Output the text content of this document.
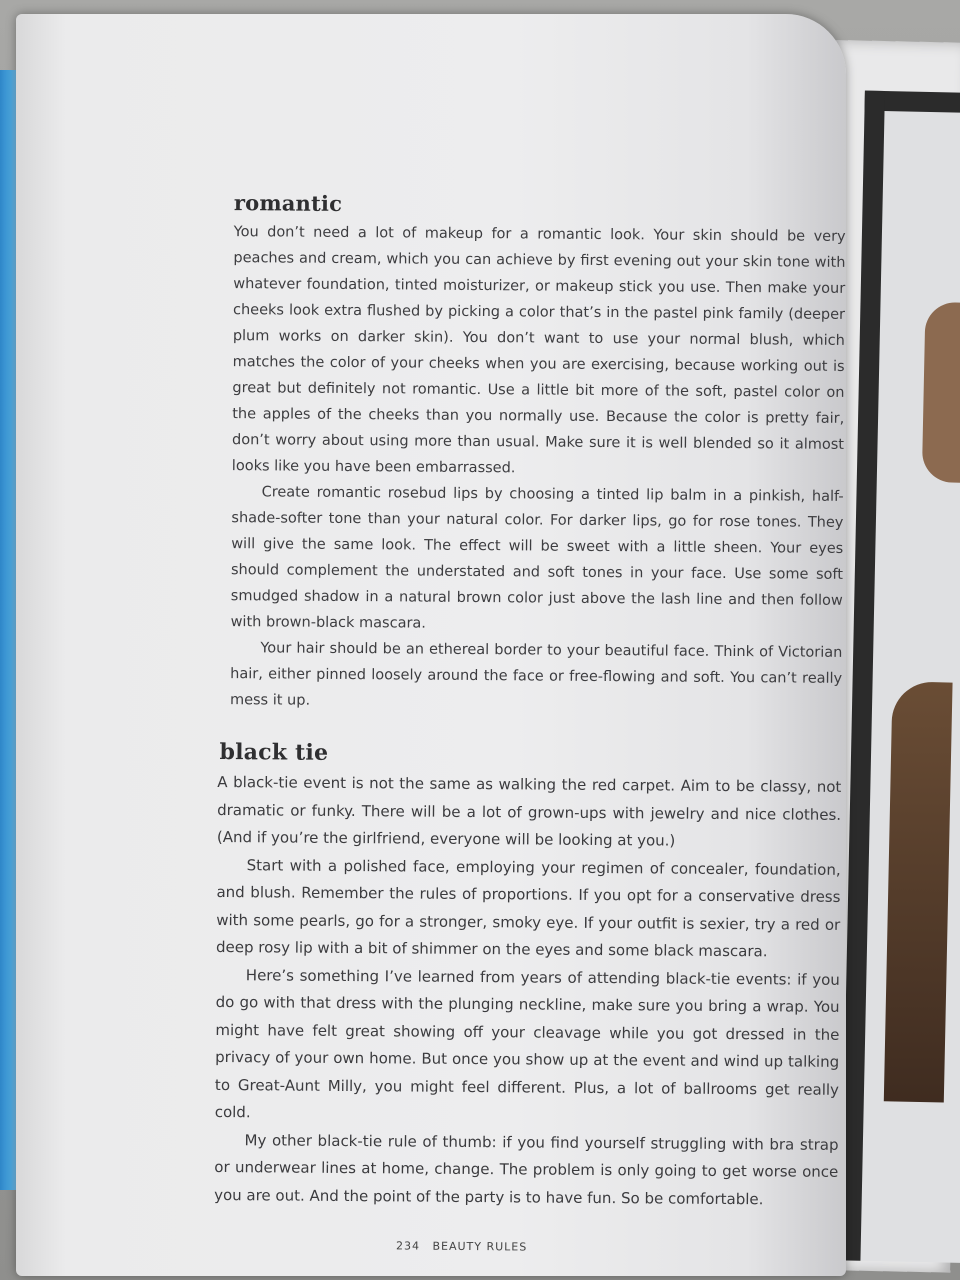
romantic

You don’t need a lot of makeup for a romantic look. Your skin should be very peaches and cream, which you can achieve by first evening out your skin tone with whatever foundation, tinted moisturizer, or makeup stick you use. Then make your cheeks look extra flushed by picking a color that’s in the pastel pink family (deeper plum works on darker skin). You don’t want to use your normal blush, which matches the color of your cheeks when you are exercising, because working out is great but definitely not romantic. Use a little bit more of the soft, pastel color on the apples of the cheeks than you normally use. Because the color is pretty fair, don’t worry about using more than usual. Make sure it is well blended so it almost looks like you have been embarrassed.

Create romantic rosebud lips by choosing a tinted lip balm in a pinkish, half-shade-softer tone than your natural color. For darker lips, go for rose tones. They will give the same look. The effect will be sweet with a little sheen. Your eyes should complement the understated and soft tones in your face. Use some soft smudged shadow in a natural brown color just above the lash line and then follow with brown-black mascara.

Your hair should be an ethereal border to your beautiful face. Think of Victorian hair, either pinned loosely around the face or free-flowing and soft. You can’t really mess it up.

black tie

A black-tie event is not the same as walking the red carpet. Aim to be classy, not dramatic or funky. There will be a lot of grown-ups with jewelry and nice clothes. (And if you’re the girlfriend, everyone will be looking at you.)

Start with a polished face, employing your regimen of concealer, foundation, and blush. Remember the rules of proportions. If you opt for a conservative dress with some pearls, go for a stronger, smoky eye. If your outfit is sexier, try a red or deep rosy lip with a bit of shimmer on the eyes and some black mascara.

Here’s something I’ve learned from years of attending black-tie events: if you do go with that dress with the plunging neckline, make sure you bring a wrap. You might have felt great showing off your cleavage while you got dressed in the privacy of your own home. But once you show up at the event and wind up talking to Great-Aunt Milly, you might feel different. Plus, a lot of ballrooms get really cold.

My other black-tie rule of thumb: if you find yourself struggling with bra strap or underwear lines at home, change. The problem is only going to get worse once you are out. And the point of the party is to have fun. So be comfortable.

234 BEAUTY RULES
